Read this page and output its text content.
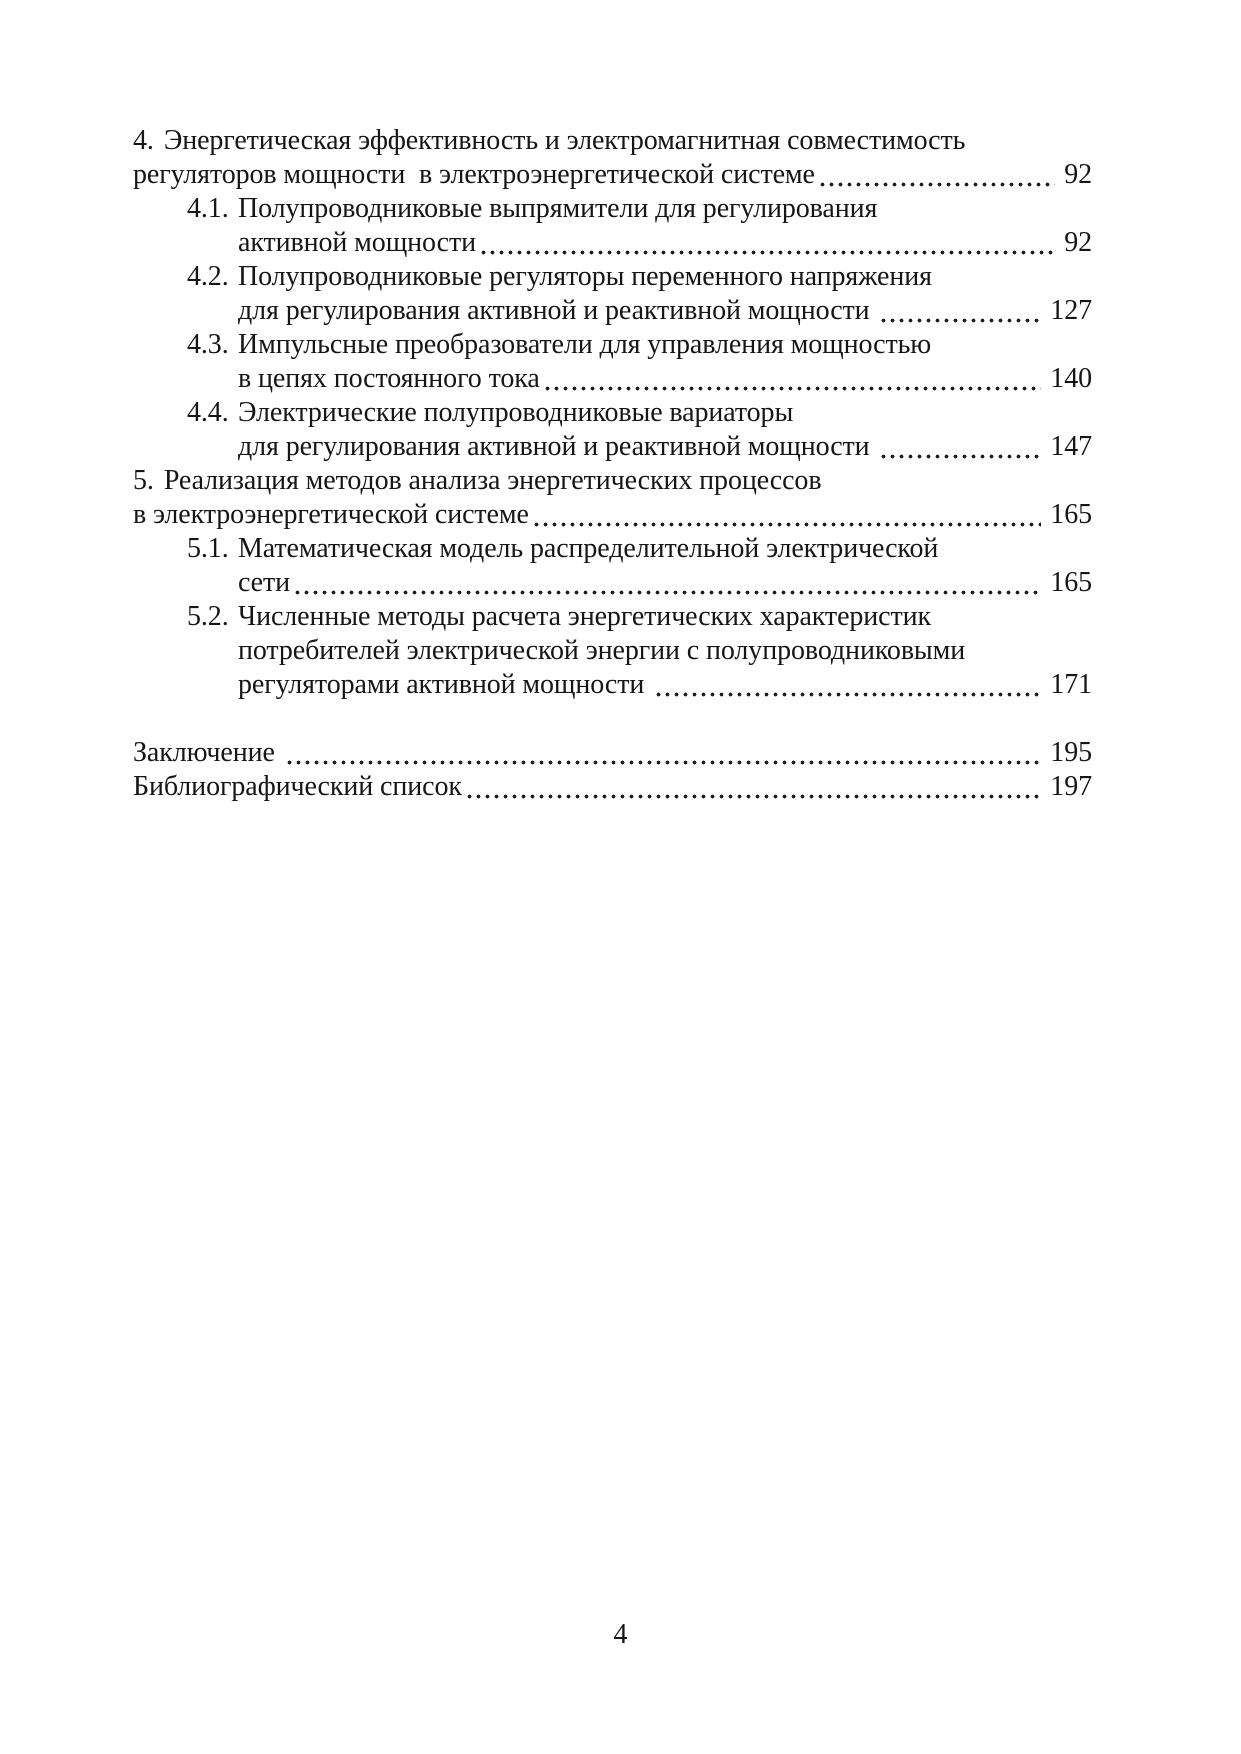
4. Энергетическая эффективность и электромагнитная совместимость
регуляторов мощности  в электроэнергетической системе	92
4.1. Полупроводниковые выпрямители для регулирования
активной мощности	92
4.2. Полупроводниковые регуляторы переменного напряжения
для регулирования активной и реактивной мощности	127
4.3. Импульсные преобразователи для управления мощностью
в цепях постоянного тока	140
4.4. Электрические полупроводниковые вариаторы
для регулирования активной и реактивной мощности	147
5. Реализация методов анализа энергетических процессов
в электроэнергетической системе	165
5.1. Математическая модель распределительной электрической
сети	165
5.2. Численные методы расчета энергетических характеристик
потребителей электрической энергии с полупроводниковыми
регуляторами активной мощности	171
Заключение	195
Библиографический список	197
4
